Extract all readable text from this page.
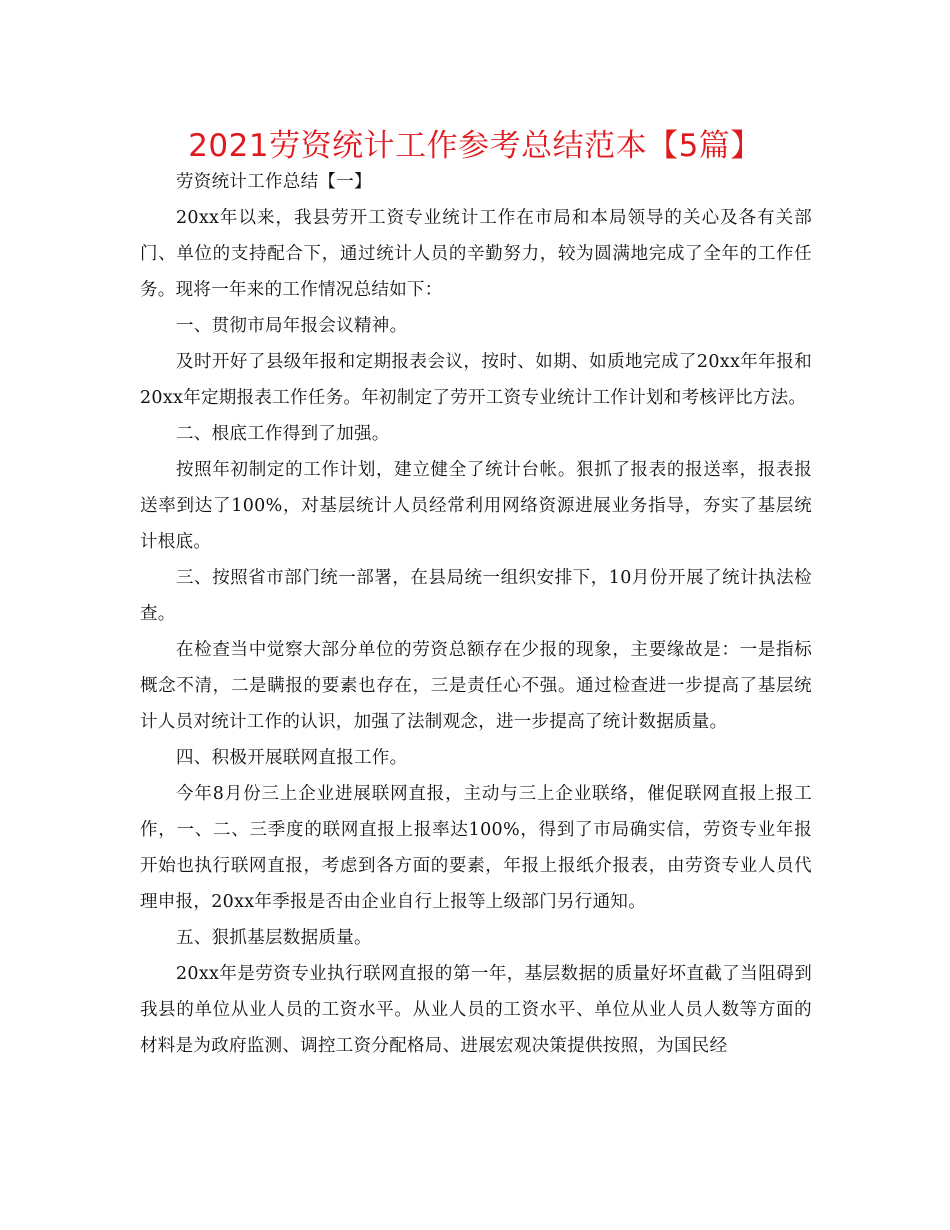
2021劳资统计工作参考总结范本【5篇】

劳资统计工作总结【一】

20xx年以来，我县劳开工资专业统计工作在市局和本局领导的关心及各有关部门、单位的支持配合下，通过统计人员的辛勤努力，较为圆满地完成了全年的工作任务。现将一年来的工作情况总结如下：

一、贯彻市局年报会议精神。

及时开好了县级年报和定期报表会议，按时、如期、如质地完成了20xx年年报和20xx年定期报表工作任务。年初制定了劳开工资专业统计工作计划和考核评比方法。

二、根底工作得到了加强。

按照年初制定的工作计划，建立健全了统计台帐。狠抓了报表的报送率，报表报送率到达了100%，对基层统计人员经常利用网络资源进展业务指导，夯实了基层统计根底。

三、按照省市部门统一部署，在县局统一组织安排下，10月份开展了统计执法检查。

在检查当中觉察大部分单位的劳资总额存在少报的现象，主要缘故是：一是指标概念不清，二是瞒报的要素也存在，三是责任心不强。通过检查进一步提高了基层统计人员对统计工作的认识，加强了法制观念，进一步提高了统计数据质量。

四、积极开展联网直报工作。

今年8月份三上企业进展联网直报，主动与三上企业联络，催促联网直报上报工作，一、二、三季度的联网直报上报率达100%，得到了市局确实信，劳资专业年报开始也执行联网直报，考虑到各方面的要素，年报上报纸介报表，由劳资专业人员代理申报，20xx年季报是否由企业自行上报等上级部门另行通知。

五、狠抓基层数据质量。

20xx年是劳资专业执行联网直报的第一年，基层数据的质量好坏直截了当阻碍到我县的单位从业人员的工资水平。从业人员的工资水平、单位从业人员人数等方面的材料是为政府监测、调控工资分配格局、进展宏观决策提供按照，为国民经
